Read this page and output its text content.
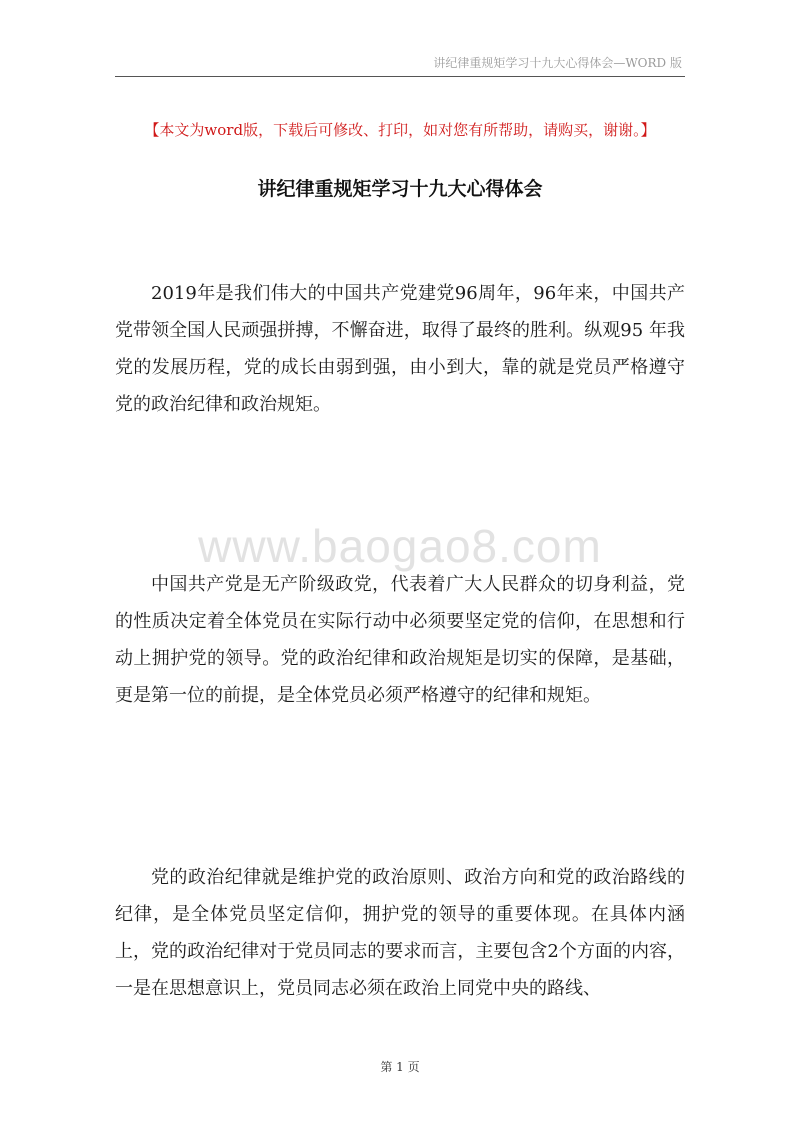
讲纪律重规矩学习十九大心得体会—WORD 版
【本文为word版，下载后可修改、打印，如对您有所帮助，请购买，谢谢。】
讲纪律重规矩学习十九大心得体会

2019年是我们伟大的中国共产党建党96周年，96年来，中国共产党带领全国人民顽强拼搏，不懈奋进，取得了最终的胜利。纵观95 年我党的发展历程，党的成长由弱到强，由小到大，靠的就是党员严格遵守党的政治纪律和政治规矩。

www.baogao8.com

中国共产党是无产阶级政党，代表着广大人民群众的切身利益，党的性质决定着全体党员在实际行动中必须要坚定党的信仰，在思想和行动上拥护党的领导。党的政治纪律和政治规矩是切实的保障，是基础，更是第一位的前提，是全体党员必须严格遵守的纪律和规矩。

党的政治纪律就是维护党的政治原则、政治方向和党的政治路线的纪律，是全体党员坚定信仰，拥护党的领导的重要体现。在具体内涵上，党的政治纪律对于党员同志的要求而言，主要包含2个方面的内容，一是在思想意识上，党员同志必须在政治上同党中央的路线、

第 1 页
